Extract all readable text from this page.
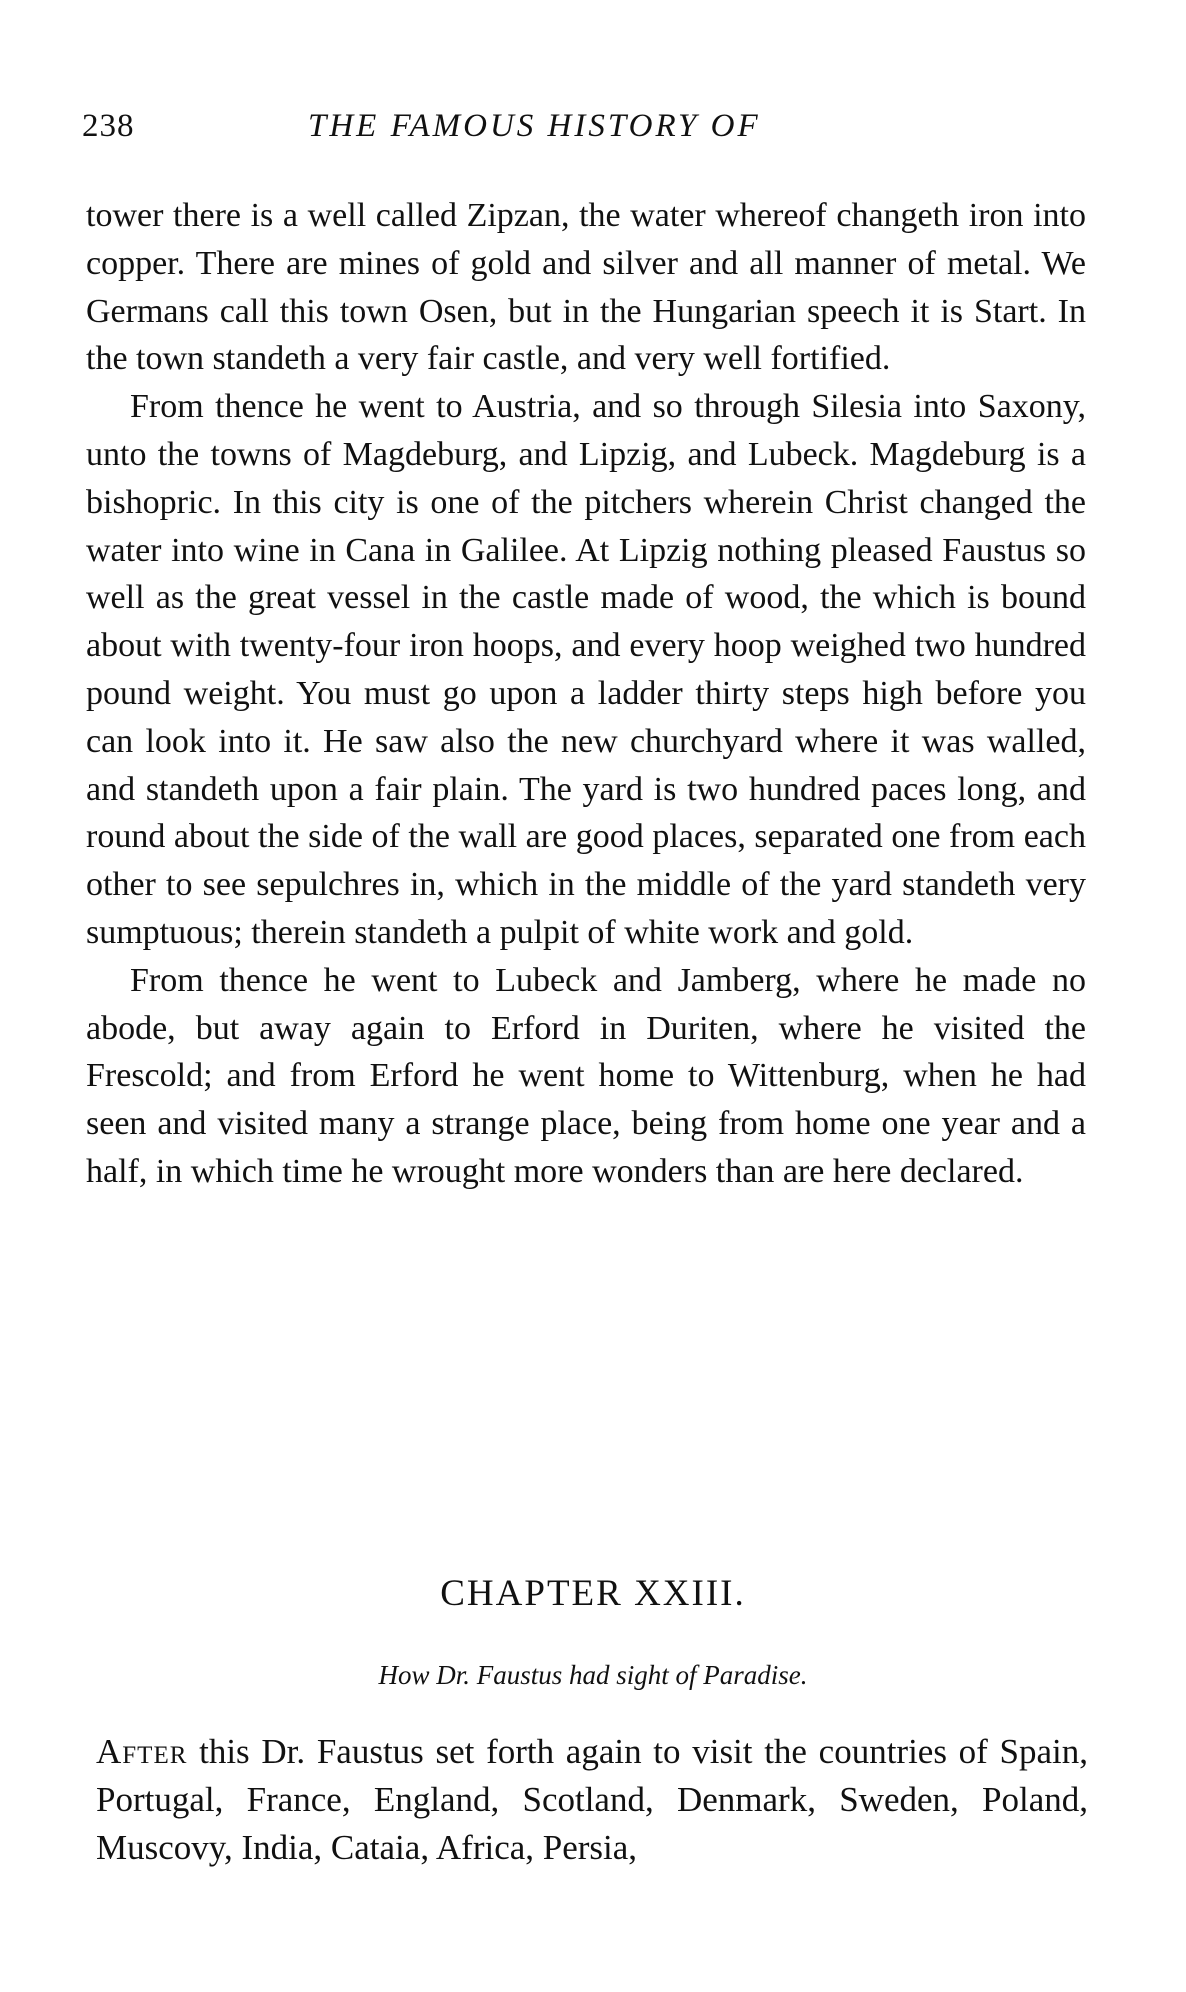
238	THE FAMOUS HISTORY OF

tower there is a well called Zipzan, the water whereof changeth iron into copper. There are mines of gold and silver and all manner of metal. We Germans call this town Osen, but in the Hungarian speech it is Start. In the town standeth a very fair castle, and very well fortified.

From thence he went to Austria, and so through Silesia into Saxony, unto the towns of Magdeburg, and Lipzig, and Lubeck. Magdeburg is a bishopric. In this city is one of the pitchers wherein Christ changed the water into wine in Cana in Galilee. At Lipzig nothing pleased Faustus so well as the great vessel in the castle made of wood, the which is bound about with twenty-four iron hoops, and every hoop weighed two hundred pound weight. You must go upon a ladder thirty steps high before you can look into it. He saw also the new churchyard where it was walled, and standeth upon a fair plain. The yard is two hundred paces long, and round about the side of the wall are good places, separated one from each other to see sepulchres in, which in the middle of the yard standeth very sumptuous; therein standeth a pulpit of white work and gold.

From thence he went to Lubeck and Jamberg, where he made no abode, but away again to Erford in Duriten, where he visited the Frescold; and from Erford he went home to Wittenburg, when he had seen and visited many a strange place, being from home one year and a half, in which time he wrought more wonders than are here declared.

CHAPTER XXIII.
How Dr. Faustus had sight of Paradise.

After this Dr. Faustus set forth again to visit the countries of Spain, Portugal, France, England, Scotland, Denmark, Sweden, Poland, Muscovy, India, Cataia, Africa, Persia,
